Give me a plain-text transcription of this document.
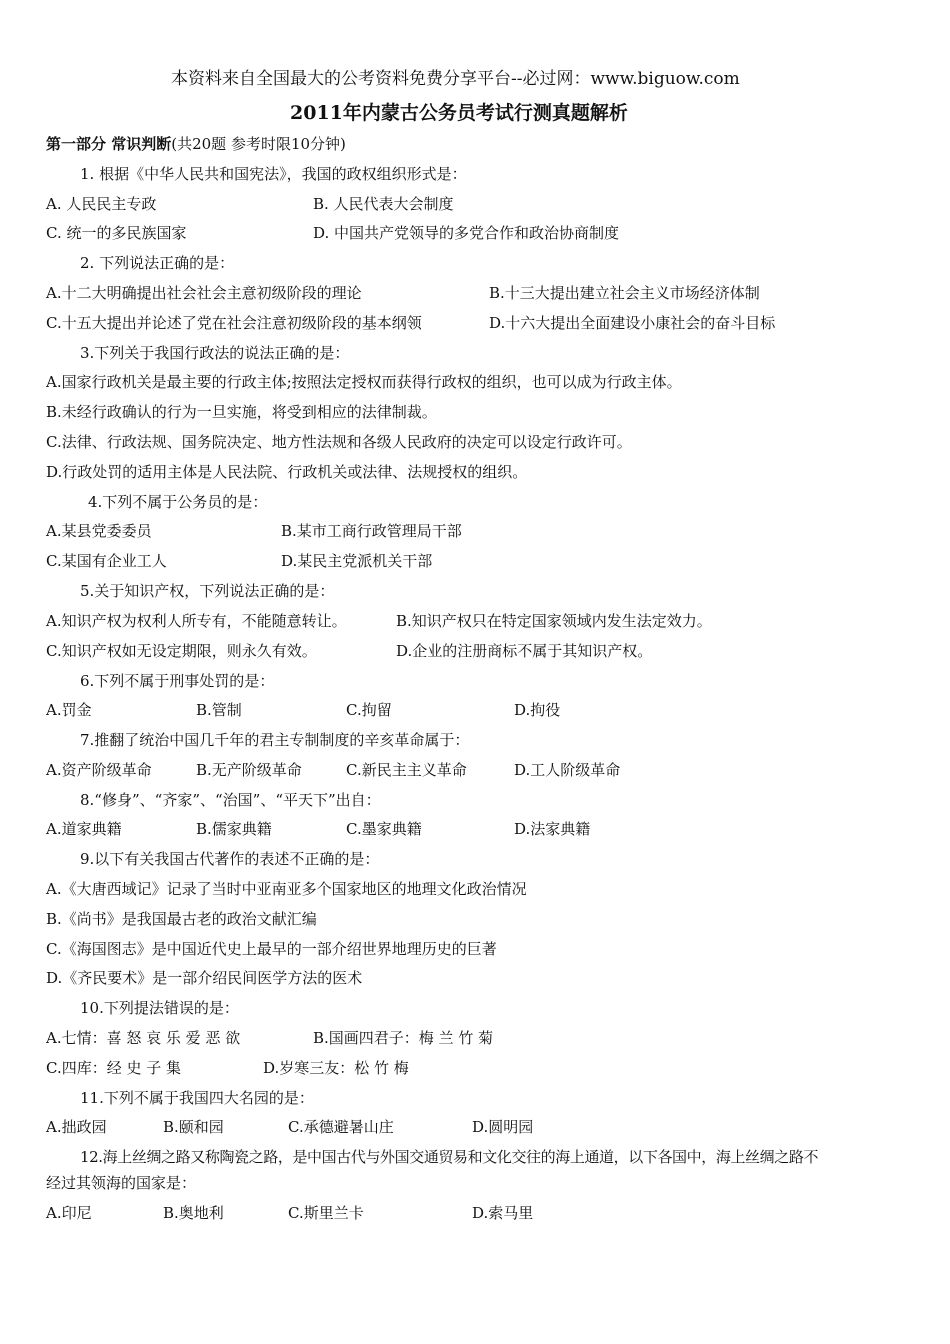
本资料来自全国最大的公考资料免费分享平台--必过网：www.biguow.com
2011年内蒙古公务员考试行测真题解析
第一部分 常识判断(共20题 参考时限10分钟)
1. 根据《中华人民共和国宪法》，我国的政权组织形式是：
A. 人民民主专政	B. 人民代表大会制度
C. 统一的多民族国家	D. 中国共产党领导的多党合作和政治协商制度
2. 下列说法正确的是：
A.十二大明确提出社会社会主意初级阶段的理论	B.十三大提出建立社会主义市场经济体制
C.十五大提出并论述了党在社会注意初级阶段的基本纲领	D.十六大提出全面建设小康社会的奋斗目标
3.下列关于我国行政法的说法正确的是：
A.国家行政机关是最主要的行政主体;按照法定授权而获得行政权的组织，也可以成为行政主体。
B.未经行政确认的行为一旦实施，将受到相应的法律制裁。
C.法律、行政法规、国务院决定、地方性法规和各级人民政府的决定可以设定行政许可。
D.行政处罚的适用主体是人民法院、行政机关或法律、法规授权的组织。
4.下列不属于公务员的是：
A.某县党委委员	B.某市工商行政管理局干部
C.某国有企业工人	D.某民主党派机关干部
5.关于知识产权，下列说法正确的是：
A.知识产权为权利人所专有，不能随意转让。	B.知识产权只在特定国家领域内发生法定效力。
C.知识产权如无设定期限，则永久有效。	D.企业的注册商标不属于其知识产权。
6.下列不属于刑事处罚的是：
A.罚金	B.管制	C.拘留	D.拘役
7.推翻了统治中国几千年的君主专制制度的辛亥革命属于：
A.资产阶级革命	B.无产阶级革命	C.新民主主义革命	D.工人阶级革命
8.“修身”、“齐家”、“治国”、“平天下”出自：
A.道家典籍	B.儒家典籍	C.墨家典籍	D.法家典籍
9.以下有关我国古代著作的表述不正确的是：
A.《大唐西域记》记录了当时中亚南亚多个国家地区的地理文化政治情况
B.《尚书》是我国最古老的政治文献汇编
C.《海国图志》是中国近代史上最早的一部介绍世界地理历史的巨著
D.《齐民要术》是一部介绍民间医学方法的医术
10.下列提法错误的是：
A.七情：喜 怒 哀 乐 爱 恶 欲	B.国画四君子：梅 兰 竹 菊
C.四库：经 史 子 集	D.岁寒三友：松 竹 梅
11.下列不属于我国四大名园的是：
A.拙政园	B.颐和园	C.承德避暑山庄	D.圆明园
12.海上丝绸之路又称陶瓷之路，是中国古代与外国交通贸易和文化交往的海上通道，以下各国中，海上丝绸之路不
经过其领海的国家是：
A.印尼	B.奥地利	C.斯里兰卡	D.索马里
